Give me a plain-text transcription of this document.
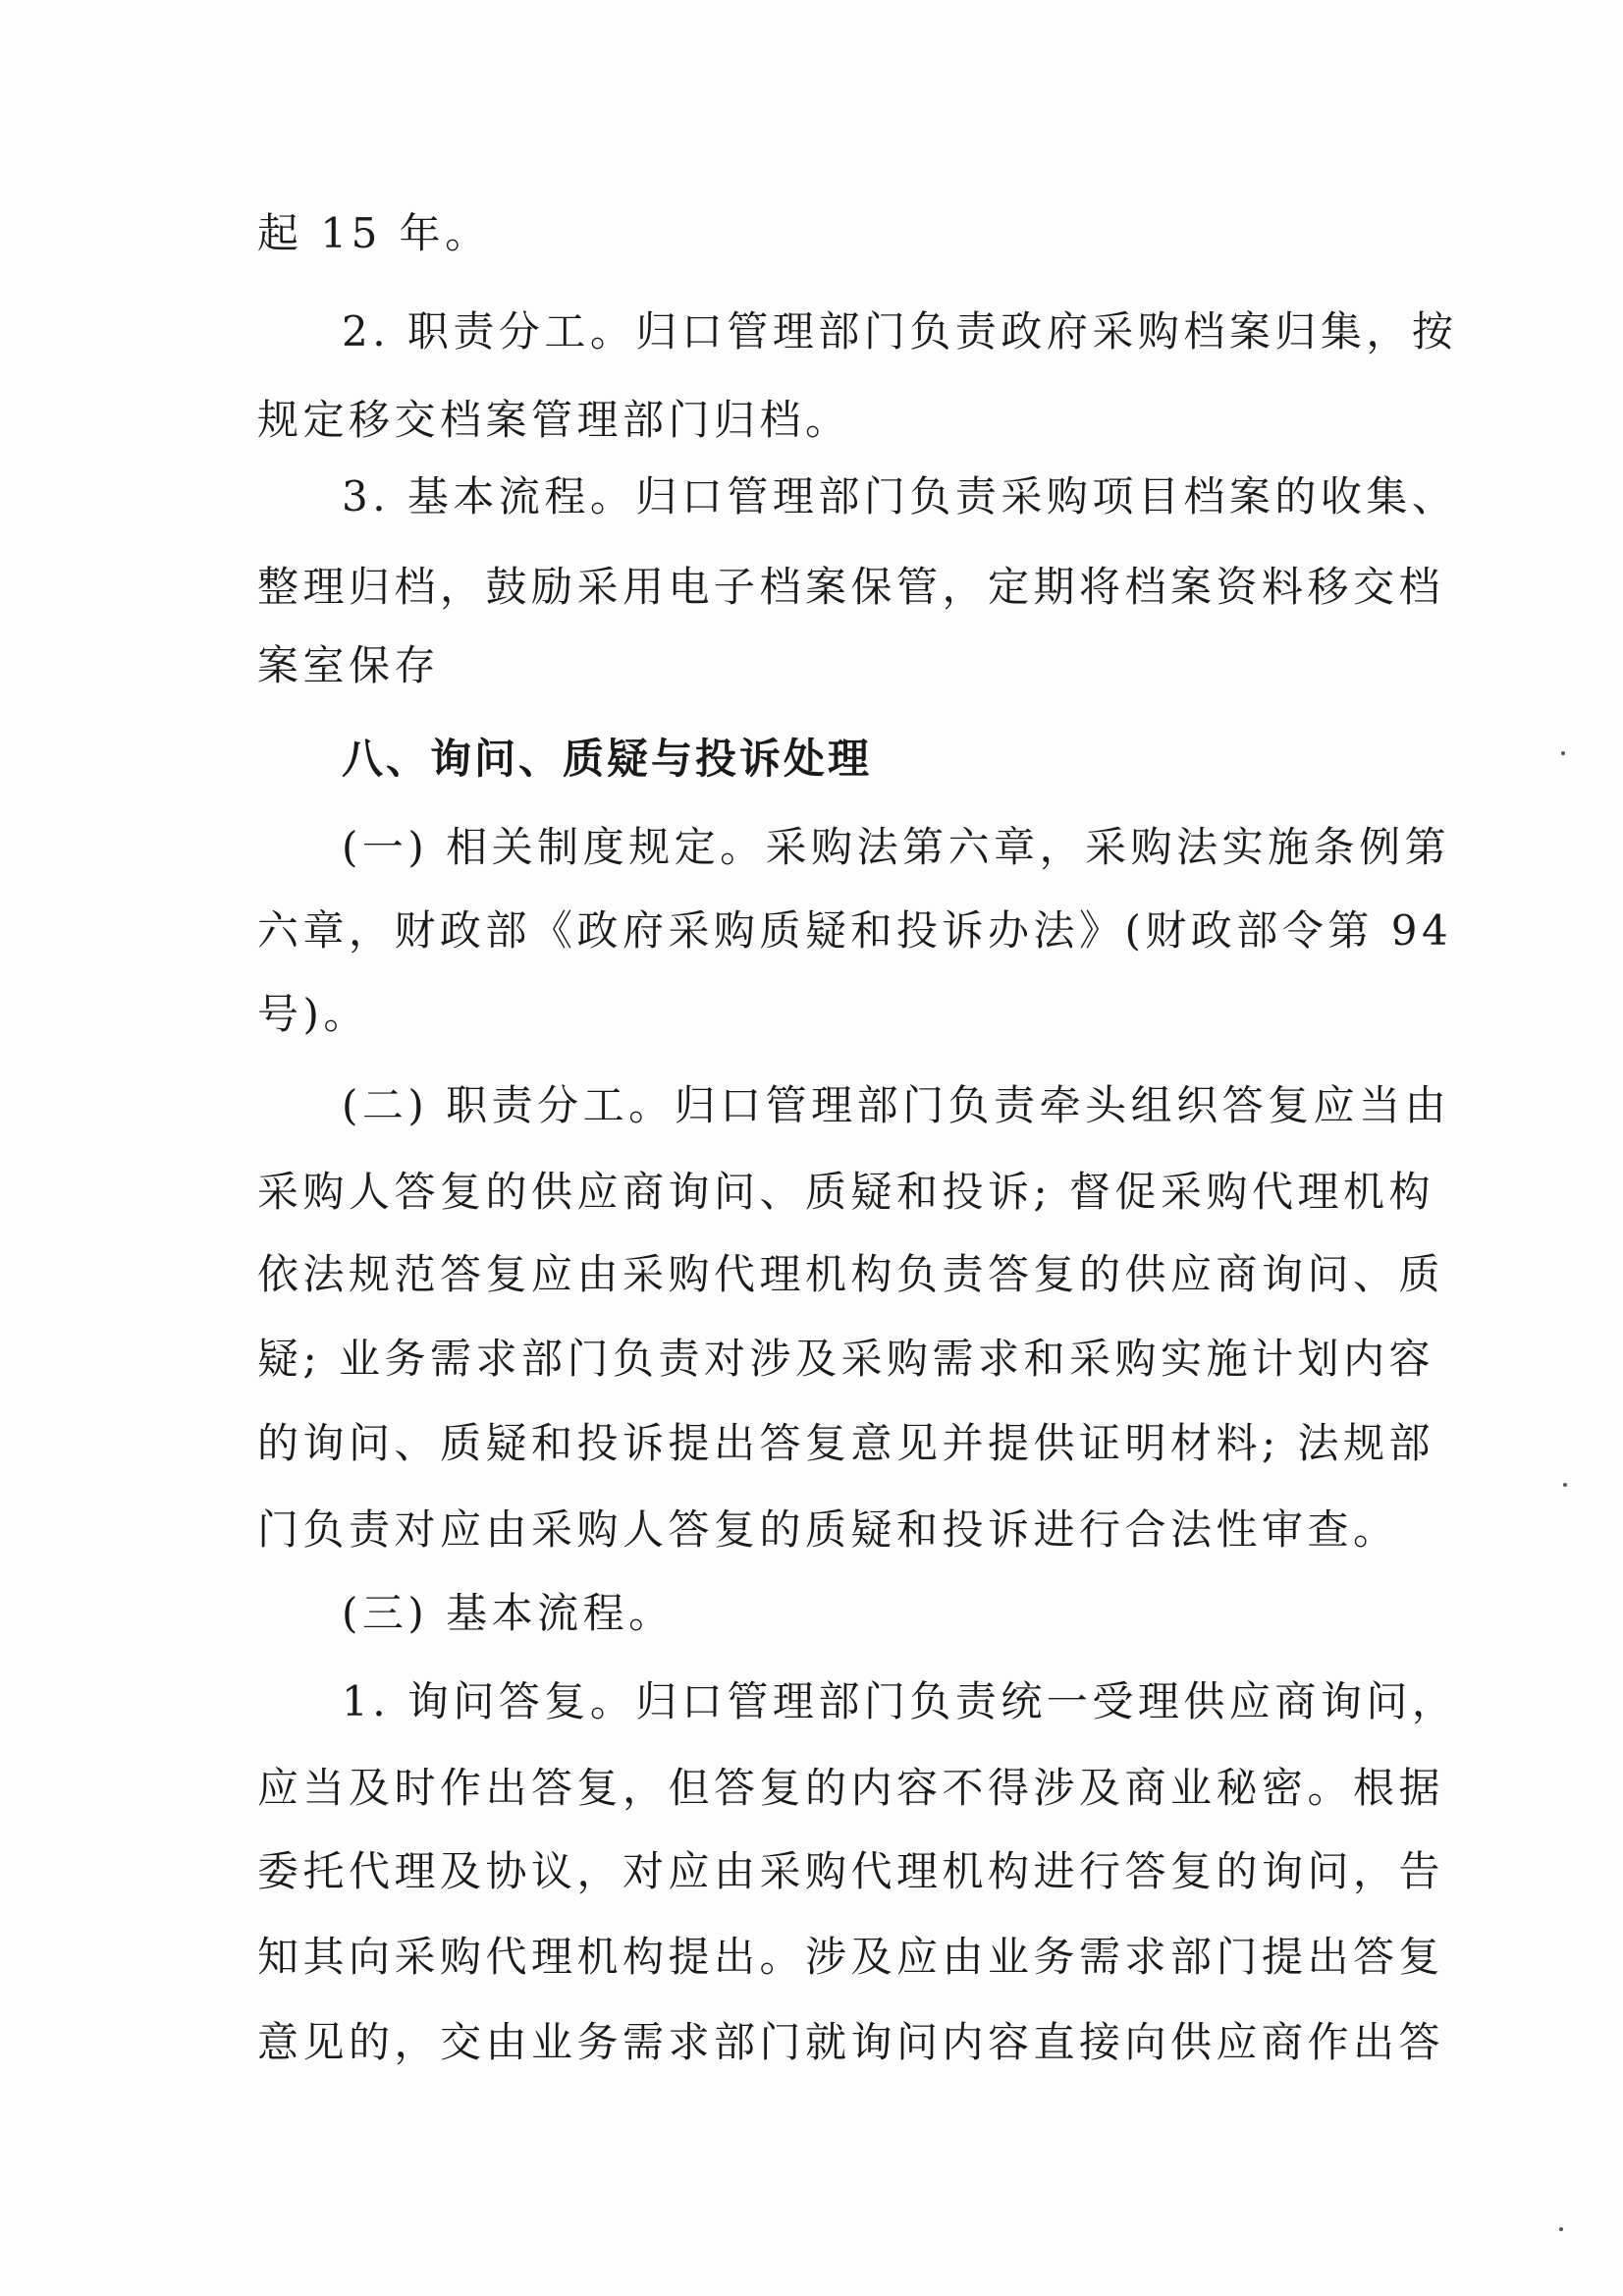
起 15 年。
2. 职责分工。归口管理部门负责政府采购档案归集，按
规定移交档案管理部门归档。
3. 基本流程。归口管理部门负责采购项目档案的收集、
整理归档，鼓励采用电子档案保管，定期将档案资料移交档
案室保存
八、询问、质疑与投诉处理
(一) 相关制度规定。采购法第六章，采购法实施条例第
六章，财政部《政府采购质疑和投诉办法》(财政部令第 94
号)。
(二) 职责分工。归口管理部门负责牵头组织答复应当由
采购人答复的供应商询问、质疑和投诉; 督促采购代理机构
依法规范答复应由采购代理机构负责答复的供应商询问、质
疑; 业务需求部门负责对涉及采购需求和采购实施计划内容
的询问、质疑和投诉提出答复意见并提供证明材料; 法规部
门负责对应由采购人答复的质疑和投诉进行合法性审查。
(三) 基本流程。
1. 询问答复。归口管理部门负责统一受理供应商询问，
应当及时作出答复，但答复的内容不得涉及商业秘密。根据
委托代理及协议，对应由采购代理机构进行答复的询问，告
知其向采购代理机构提出。涉及应由业务需求部门提出答复
意见的，交由业务需求部门就询问内容直接向供应商作出答
